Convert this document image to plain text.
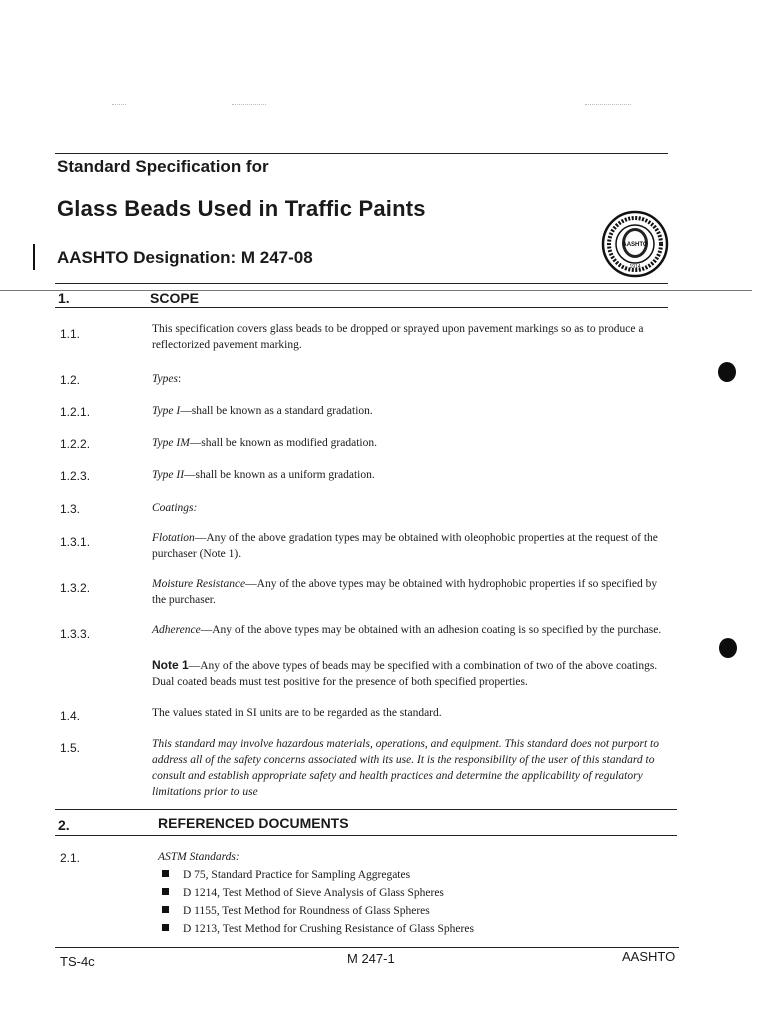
Standard Specification for
Glass Beads Used in Traffic Paints
AASHTO Designation: M 247-08
AASHTO
1914
1.	SCOPE
1.1.	This specification covers glass beads to be dropped or sprayed upon pavement markings so as to produce a reflectorized pavement marking.
1.2.	Types:
1.2.1.	Type I—shall be known as a standard gradation.
1.2.2.	Type IM—shall be known as modified gradation.
1.2.3.	Type II—shall be known as a uniform gradation.
1.3.	Coatings:
1.3.1.	Flotation—Any of the above gradation types may be obtained with oleophobic properties at the request of the purchaser (Note 1).
1.3.2.	Moisture Resistance—Any of the above types may be obtained with hydrophobic properties if so specified by the purchaser.
1.3.3.	Adherence—Any of the above types may be obtained with an adhesion coating is so specified by the purchase.
Note 1—Any of the above types of beads may be specified with a combination of two of the above coatings. Dual coated beads must test positive for the presence of both specified properties.
1.4.	The values stated in SI units are to be regarded as the standard.
1.5.	This standard may involve hazardous materials, operations, and equipment. This standard does not purport to address all of the safety concerns associated with its use. It is the responsibility of the user of this standard to consult and establish appropriate safety and health practices and determine the applicability of regulatory limitations prior to use
2.	REFERENCED DOCUMENTS
2.1.	ASTM Standards:
D 75, Standard Practice for Sampling Aggregates
D 1214, Test Method of Sieve Analysis of Glass Spheres
D 1155, Test Method for Roundness of Glass Spheres
D 1213, Test Method for Crushing Resistance of Glass Spheres
TS-4c	M 247-1	AASHTO
